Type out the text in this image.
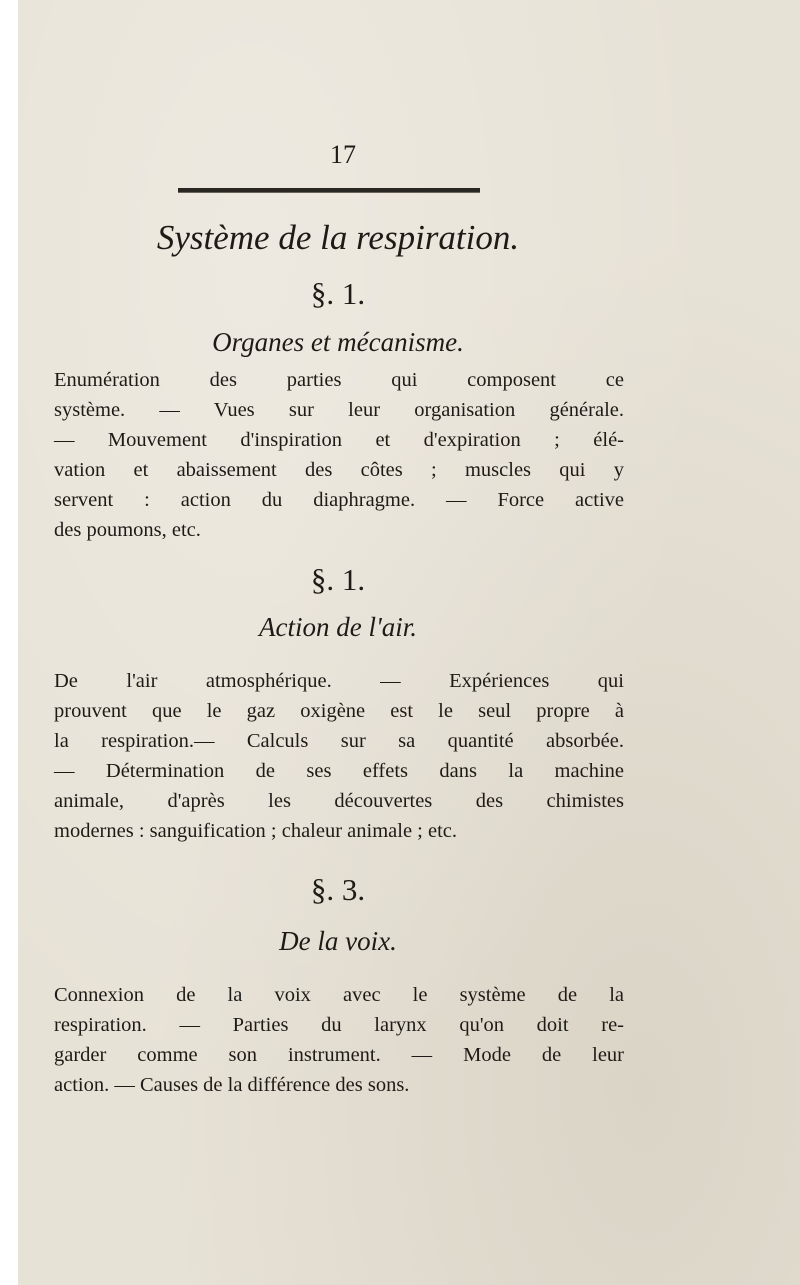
17
Système de la respiration.
§. 1.
Organes et mécanisme.
Enumération des parties qui composent ce
système. — Vues sur leur organisation générale.
— Mouvement d'inspiration et d'expiration ; élé-
vation et abaissement des côtes ; muscles qui y
servent : action du diaphragme. — Force active
des poumons, etc.
§. 1.
Action de l'air.
De l'air atmosphérique. — Expériences qui
prouvent que le gaz oxigène est le seul propre à
la respiration.— Calculs sur sa quantité absorbée.
— Détermination de ses effets dans la machine
animale, d'après les découvertes des chimistes
modernes : sanguification ; chaleur animale ; etc.
§. 3.
De la voix.
Connexion de la voix avec le système de la
respiration. — Parties du larynx qu'on doit re-
garder comme son instrument. — Mode de leur
action. — Causes de la différence des sons.
